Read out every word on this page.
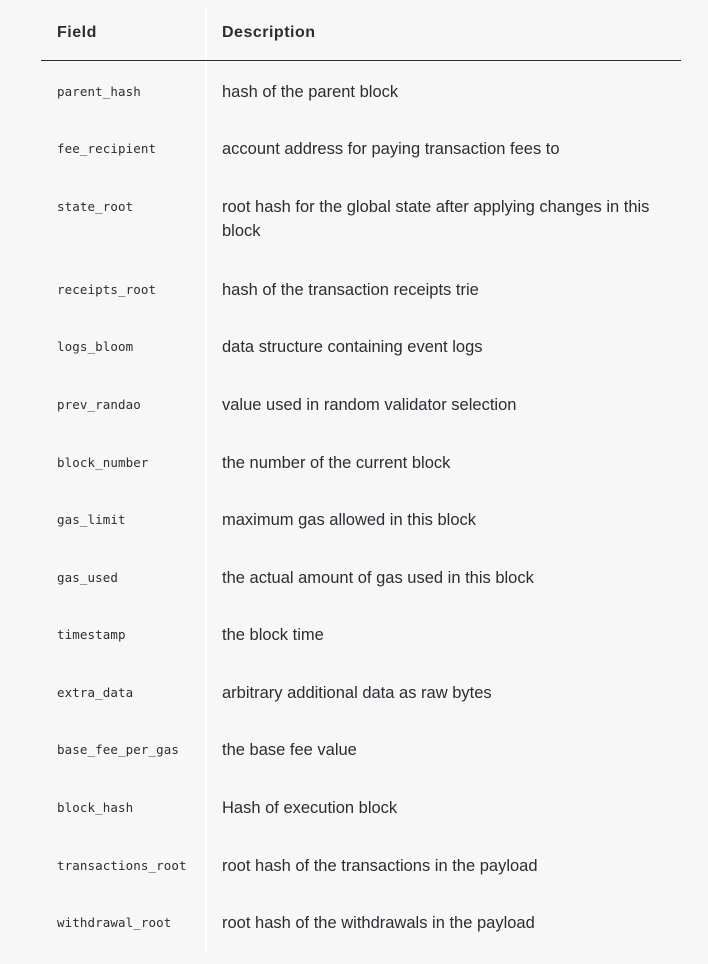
Field	Description
parent_hash	hash of the parent block
fee_recipient	account address for paying transaction fees to
state_root	root hash for the global state after applying changes in this block
receipts_root	hash of the transaction receipts trie
logs_bloom	data structure containing event logs
prev_randao	value used in random validator selection
block_number	the number of the current block
gas_limit	maximum gas allowed in this block
gas_used	the actual amount of gas used in this block
timestamp	the block time
extra_data	arbitrary additional data as raw bytes
base_fee_per_gas	the base fee value
block_hash	Hash of execution block
transactions_root	root hash of the transactions in the payload
withdrawal_root	root hash of the withdrawals in the payload
